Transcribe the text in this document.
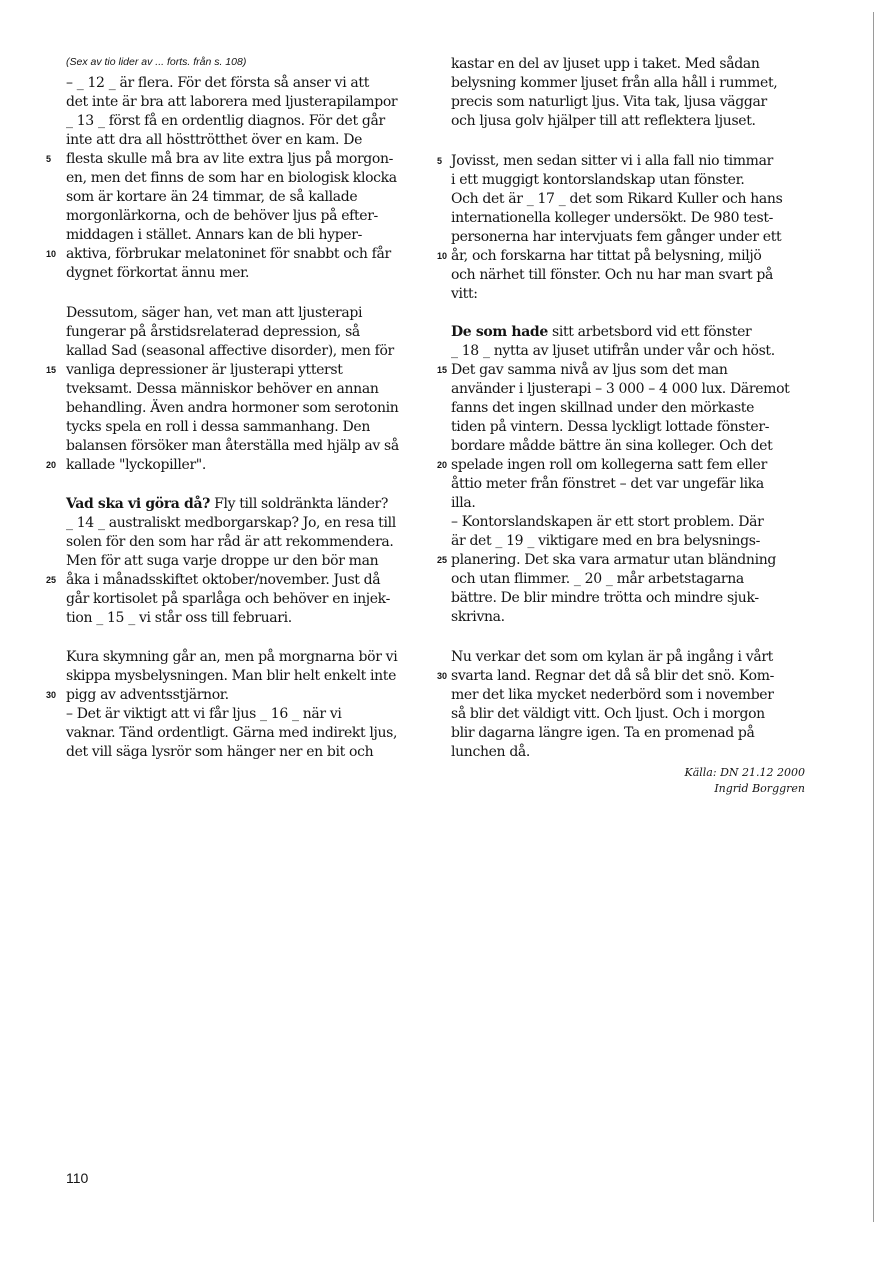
(Sex av tio lider av ... forts. från s. 108)
– _ 12 _ är flera. För det första så anser vi att
det inte är bra att laborera med ljusterapilampor
_ 13 _ först få en ordentlig diagnos. För det går
inte att dra all hösttrötthet över en kam. De
flesta skulle må bra av lite extra ljus på morgon-
en, men det finns de som har en biologisk klocka
som är kortare än 24 timmar, de så kallade
morgonlärkorna, och de behöver ljus på efter-
middagen i stället. Annars kan de bli hyper-
aktiva, förbrukar melatoninet för snabbt och får
dygnet förkortat ännu mer.
Dessutom, säger han, vet man att ljusterapi
fungerar på årstidsrelaterad depression, så
kallad Sad (seasonal affective disorder), men för
vanliga depressioner är ljusterapi ytterst
tveksamt. Dessa människor behöver en annan
behandling. Även andra hormoner som serotonin
tycks spela en roll i dessa sammanhang. Den
balansen försöker man återställa med hjälp av så
kallade "lyckopiller".
Vad ska vi göra då? Fly till soldränkta länder?
_ 14 _ australiskt medborgarskap? Jo, en resa till
solen för den som har råd är att rekommendera.
Men för att suga varje droppe ur den bör man
åka i månadsskiftet oktober/november. Just då
går kortisolet på sparlåga och behöver en injek-
tion _ 15 _ vi står oss till februari.
Kura skymning går an, men på morgnarna bör vi
skippa mysbelysningen. Man blir helt enkelt inte
pigg av adventsstjärnor.
– Det är viktigt att vi får ljus _ 16 _ när vi
vaknar. Tänd ordentligt. Gärna med indirekt ljus,
det vill säga lysrör som hänger ner en bit och
5
10
15
20
25
30
kastar en del av ljuset upp i taket. Med sådan
belysning kommer ljuset från alla håll i rummet,
precis som naturligt ljus. Vita tak, ljusa väggar
och ljusa golv hjälper till att reflektera ljuset.
Jovisst, men sedan sitter vi i alla fall nio timmar
i ett muggigt kontorslandskap utan fönster.
Och det är _ 17 _ det som Rikard Kuller och hans
internationella kolleger undersökt. De 980 test-
personerna har intervjuats fem gånger under ett
år, och forskarna har tittat på belysning, miljö
och närhet till fönster. Och nu har man svart på
vitt:
De som hade sitt arbetsbord vid ett fönster
_ 18 _ nytta av ljuset utifrån under vår och höst.
Det gav samma nivå av ljus som det man
använder i ljusterapi – 3 000 – 4 000 lux. Däremot
fanns det ingen skillnad under den mörkaste
tiden på vintern. Dessa lyckligt lottade fönster-
bordare mådde bättre än sina kolleger. Och det
spelade ingen roll om kollegerna satt fem eller
åttio meter från fönstret – det var ungefär lika
illa.
– Kontorslandskapen är ett stort problem. Där
är det _ 19 _ viktigare med en bra belysnings-
planering. Det ska vara armatur utan bländning
och utan flimmer. _ 20 _ mår arbetstagarna
bättre. De blir mindre trötta och mindre sjuk-
skrivna.
Nu verkar det som om kylan är på ingång i vårt
svarta land. Regnar det då så blir det snö. Kom-
mer det lika mycket nederbörd som i november
så blir det väldigt vitt. Och ljust. Och i morgon
blir dagarna längre igen. Ta en promenad på
lunchen då.
5
10
15
20
25
30
Källa: DN 21.12 2000
Ingrid Borggren
110
